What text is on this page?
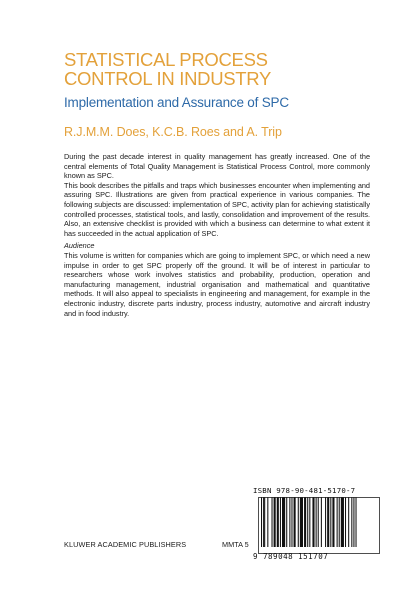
STATISTICAL PROCESS
CONTROL IN INDUSTRY
Implementation and Assurance of SPC
R.J.M.M. Does, K.C.B. Roes and A. Trip

During the past decade interest in quality management has greatly increased. One of the central elements of Total Quality Management is Statistical Process Control, more commonly known as SPC.

This book describes the pitfalls and traps which businesses encounter when implementing and assuring SPC. Illustrations are given from practical experience in various companies. The following subjects are discussed: implementation of SPC, activity plan for achieving statistically controlled processes, statistical tools, and lastly, consolidation and improvement of the results. Also, an extensive checklist is provided with which a business can determine to what extent it has succeeded in the actual application of SPC.

Audience

This volume is written for companies which are going to implement SPC, or which need a new impulse in order to get SPC properly off the ground. It will be of interest in particular to researchers whose work involves statistics and probability, production, operation and manufacturing management, industrial organisation and mathematical and quantitative methods. It will also appeal to specialists in engineering and management, for example in the electronic industry, discrete parts industry, process industry, automotive and aircraft industry and in food industry.

ISBN 978-90-481-5170-7
9 789048 151707
KLUWER ACADEMIC PUBLISHERS	MMTA 5
